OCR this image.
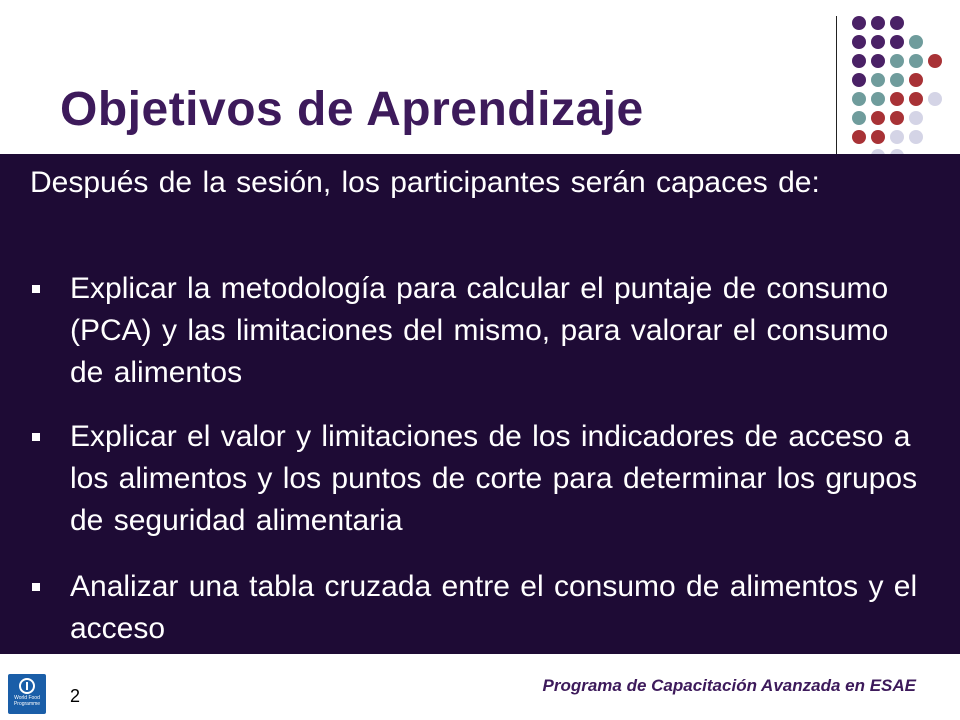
Objetivos de Aprendizaje
Después de la sesión, los participantes serán capaces de:
Explicar la metodología para calcular el puntaje de consumo (PCA) y las limitaciones del mismo, para valorar el consumo de alimentos
Explicar el valor y limitaciones de los indicadores de acceso a los alimentos y los puntos de corte para determinar los grupos de seguridad alimentaria
Analizar una tabla cruzada entre el consumo de alimentos y el acceso
World Food Programme	2
Programa de Capacitación Avanzada en ESAE
